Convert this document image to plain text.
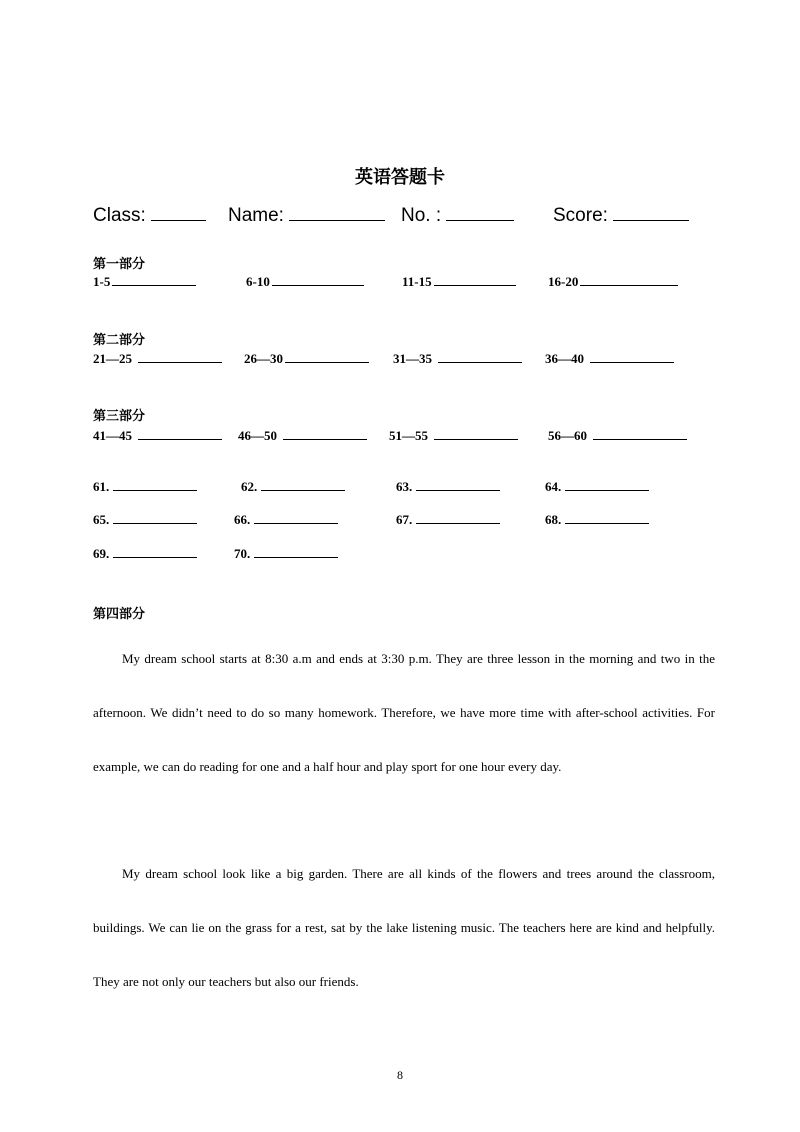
英语答题卡
Class:	Name:	No. :	Score:
第一部分
1-5	6-10	11-15	16-20
第二部分
21—25	26—30	31—35	36—40
第三部分
41—45	46—50	51—55	56—60
61.	62.	63.	64.
65.	66.	67.	68.
69.	70.
第四部分
My dream school starts at 8:30 a.m and ends at 3:30 p.m. They are three lesson in the morning and two in the afternoon. We didn’t need to do so many homework. Therefore, we have more time with after-school activities. For example, we can do reading for one and a half hour and play sport for one hour every day.
My dream school look like a big garden. There are all kinds of the flowers and trees around the classroom, buildings. We can lie on the grass for a rest, sat by the lake listening music. The teachers here are kind and helpfully. They are not only our teachers but also our friends.
8
